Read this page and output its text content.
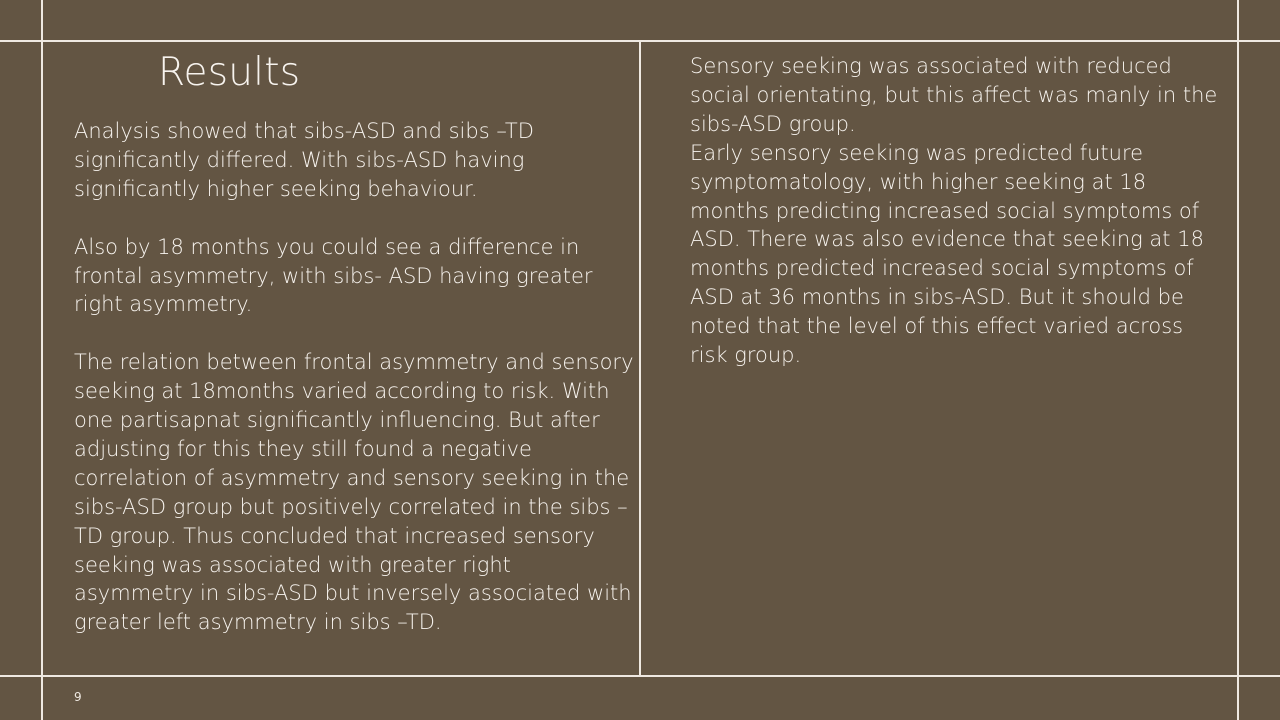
Results

Analysis showed that sibs-ASD and sibs –TD significantly differed. With sibs-ASD having significantly higher seeking behaviour.

Also by 18 months you could see a difference in frontal asymmetry, with sibs- ASD having greater right asymmetry.

The relation between frontal asymmetry and sensory seeking at 18months varied according to risk. With one partisapnat significantly influencing. But after adjusting for this they still found a negative correlation of asymmetry and sensory seeking in the sibs-ASD group but positively correlated in the sibs –TD group. Thus concluded that increased sensory seeking was associated with greater right asymmetry in sibs-ASD but inversely associated with greater left asymmetry in sibs –TD.

Sensory seeking was associated with reduced social orientating, but this affect was manly in the sibs-ASD group.

Early sensory seeking was predicted future symptomatology, with higher seeking at 18 months predicting increased social symptoms of ASD. There was also evidence that seeking at 18 months predicted increased social symptoms of ASD at 36 months in sibs-ASD. But it should be noted that the level of this effect varied across risk group.

9
